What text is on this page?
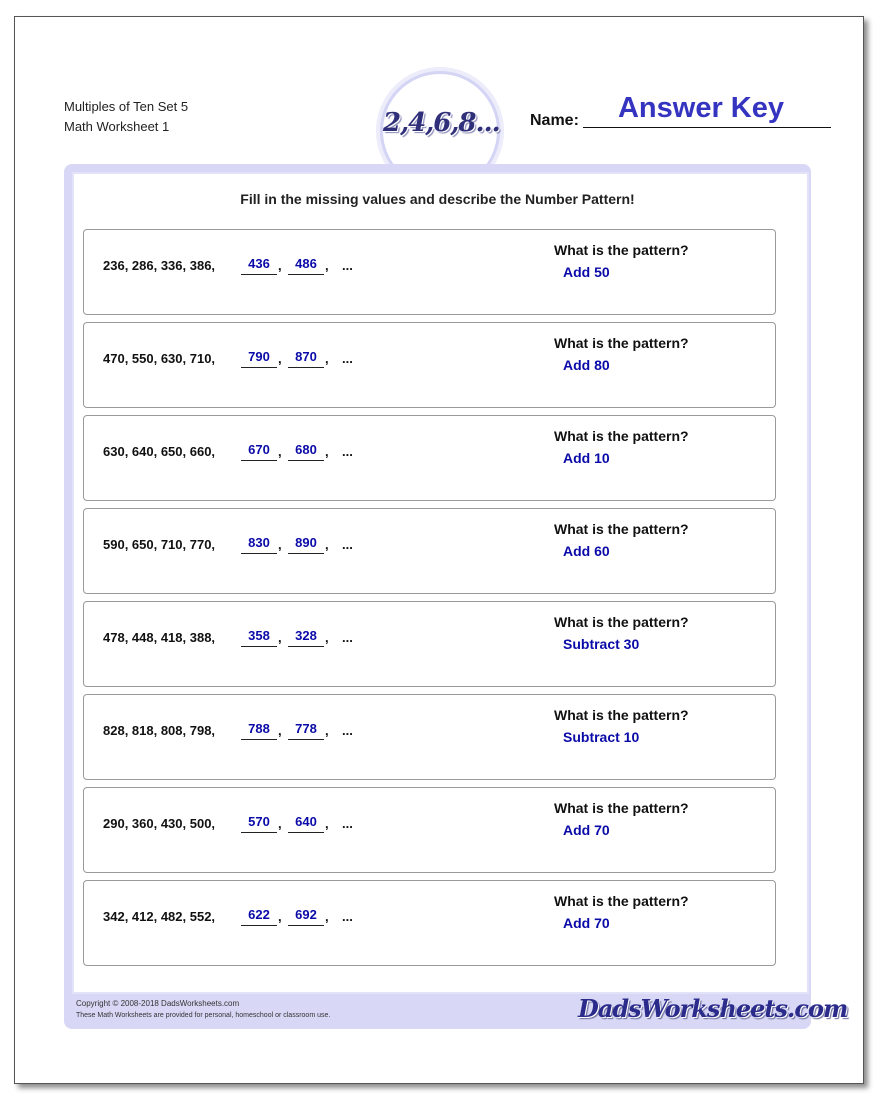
Multiples of Ten Set 5
Math Worksheet 1	2,4,6,8... Name:	Answer Key
Fill in the missing values and describe the Number Pattern!
236, 286, 336, 386,	436 ,	486 , ...
What is the pattern?
Add 50
470, 550, 630, 710,	790 ,	870 , ...
What is the pattern?
Add 80
630, 640, 650, 660,	670 ,	680 , ...
What is the pattern?
Add 10
590, 650, 710, 770,	830 ,	890 , ...
What is the pattern?
Add 60
478, 448, 418, 388,	358 ,	328 , ...
What is the pattern?
Subtract 30
828, 818, 808, 798,	788 ,	778 , ...
What is the pattern?
Subtract 10
290, 360, 430, 500,	570 ,	640 , ...
What is the pattern?
Add 70
342, 412, 482, 552,	622 ,	692 , ...
What is the pattern?
Add 70
Copyright © 2008-2018 DadsWorksheets.com
These Math Worksheets are provided for personal, homeschool or classroom use.	DadsWorksheets.com
